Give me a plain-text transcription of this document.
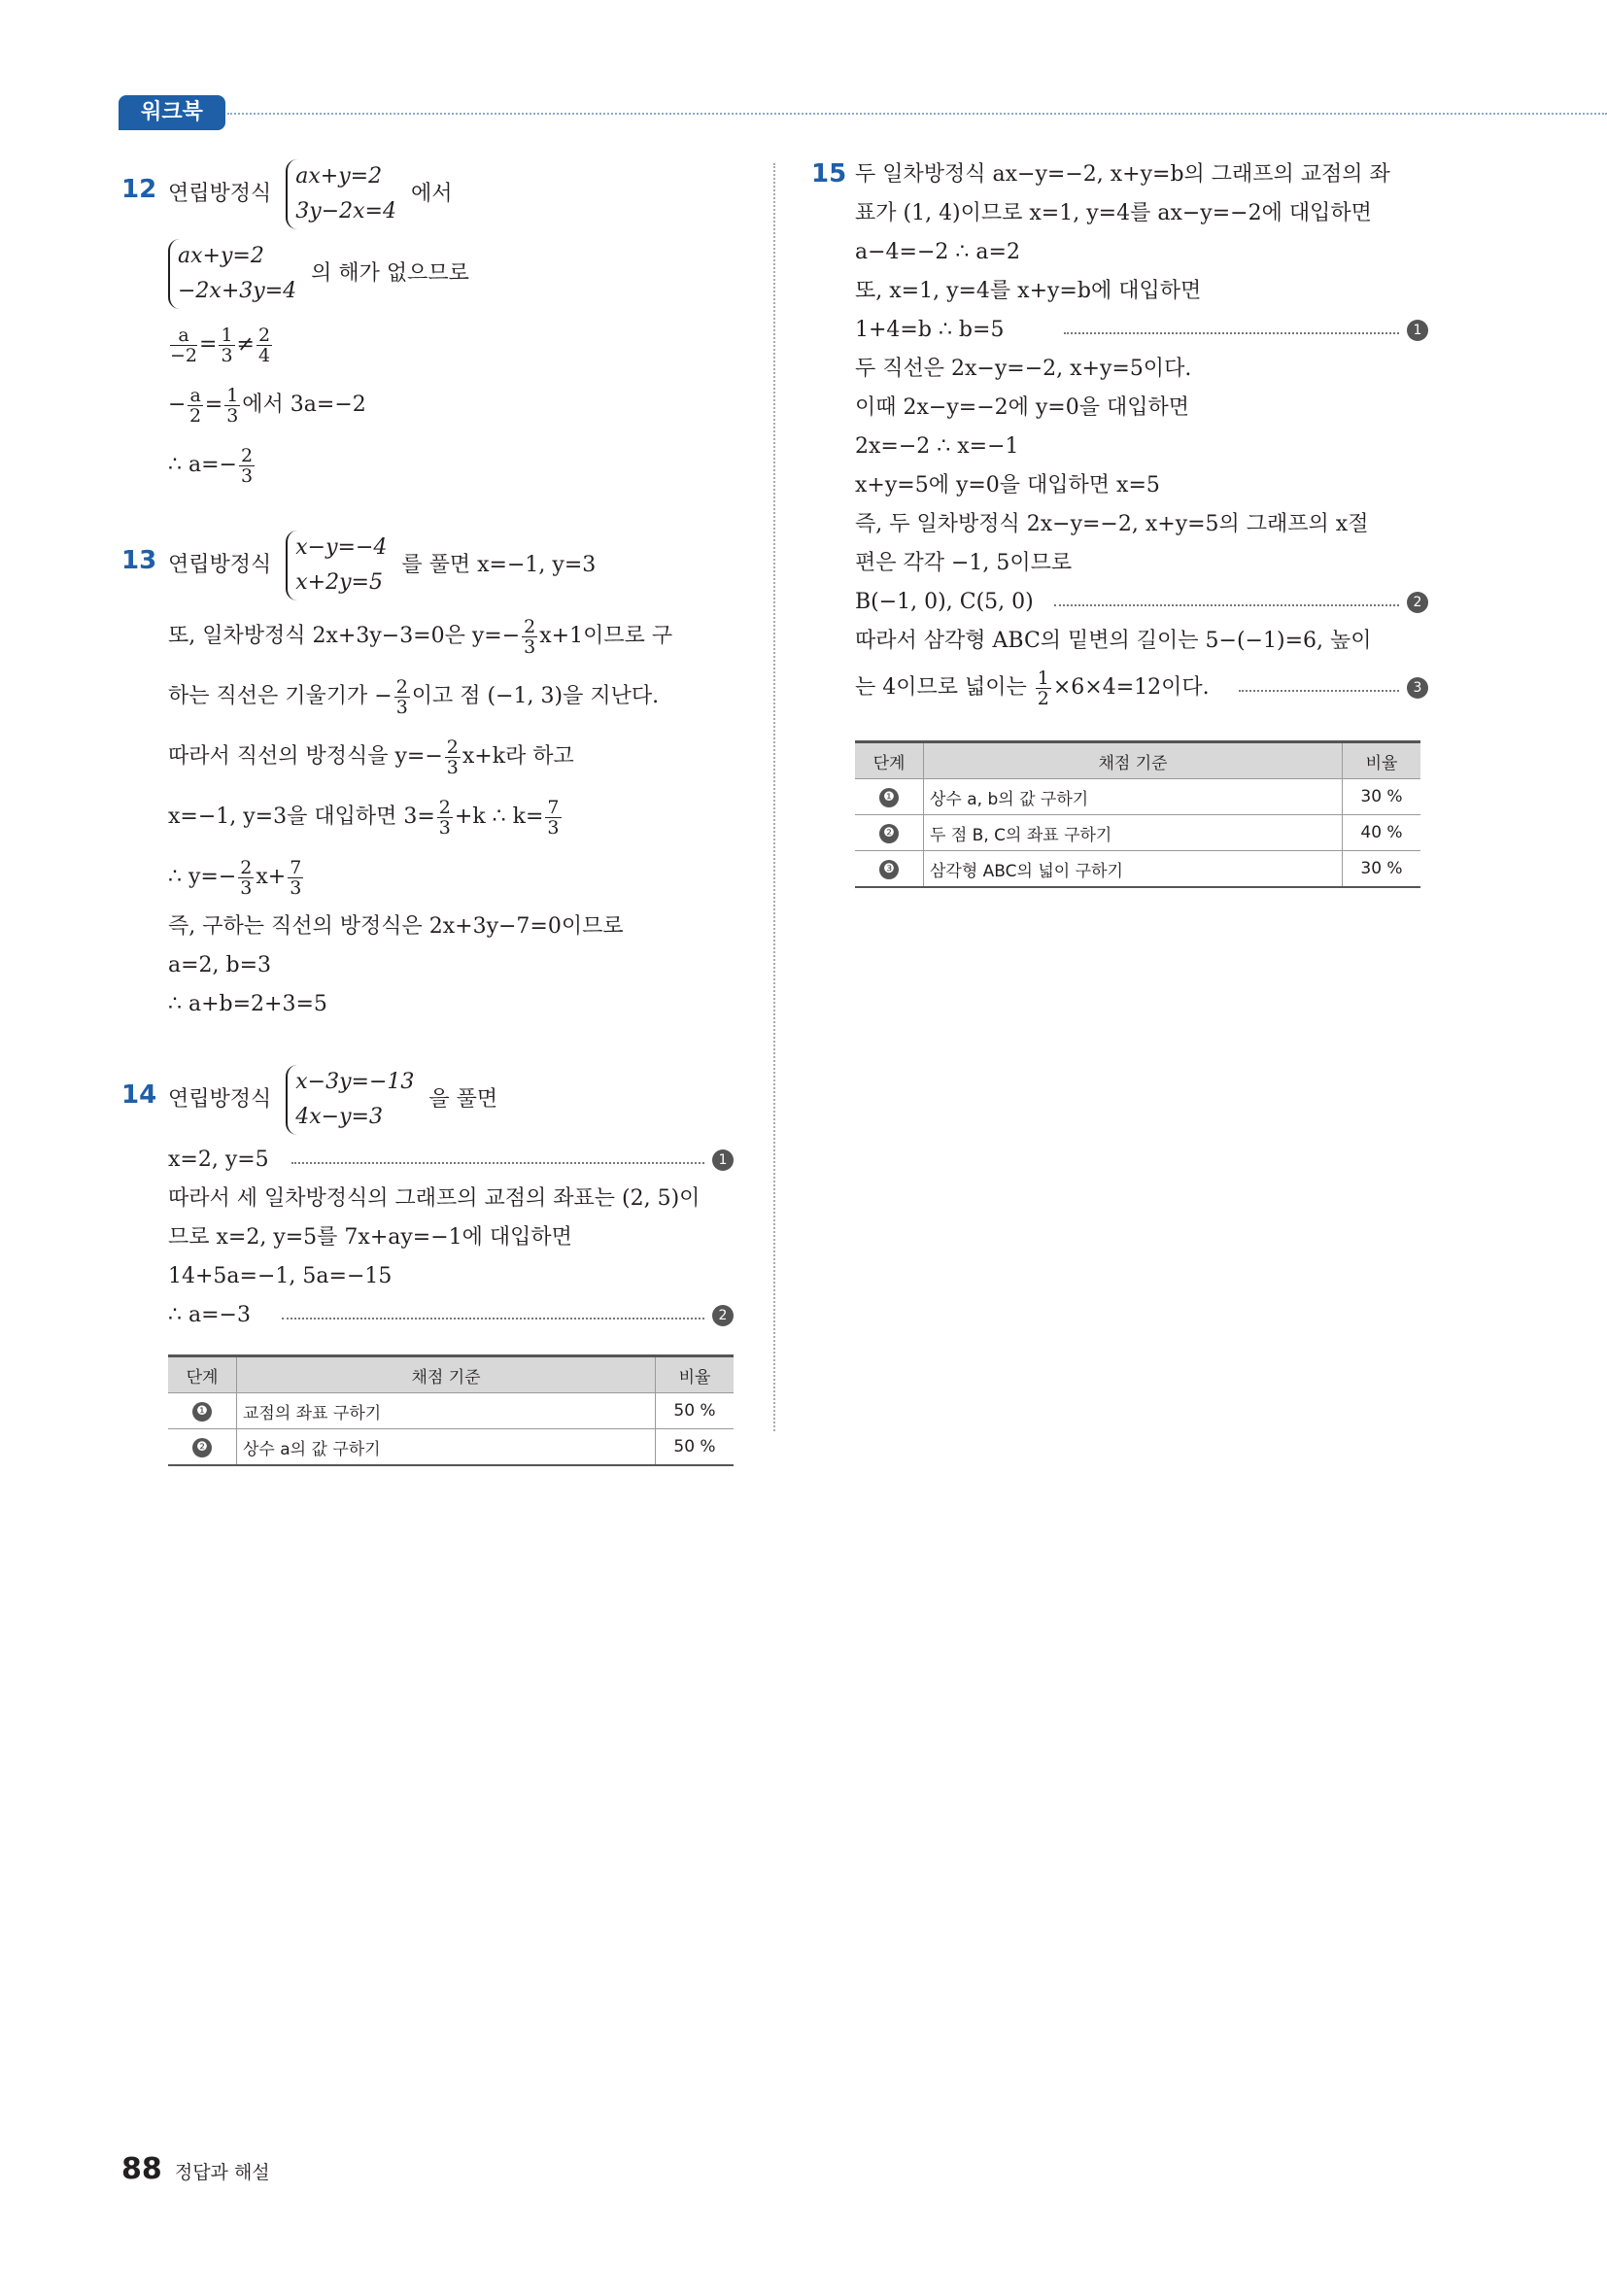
워크북
12 연립방정식
ax+y=2
3y−2x=4
에서
ax+y=2
−2x+3y=4
의 해가 없으므로
$\frac{a}{-2} = \frac{1}{3} \ne \frac{2}{4}$
− $\frac{a}{2} = \frac{1}{3}$ 에서 3a=−2
∴ $a=- \frac{2}{3}$
13 연립방정식
x−y=−4
x+2y=5
를 풀면 x=−1, y=3
또, 일차방정식 2x+3y−3=0은 $y=- \frac{2}{3} x+1$이므로 구
하는 직선은 기울기가 − $\frac{2}{3}$ 이고 점 (−1, 3)을 지난다.
따라서 직선의 방정식을 $y=- \frac{2}{3} x+k$라 하고
x=−1, y=3을 대입하면 $3= \frac{2}{3} +k$ ∴ $k= \frac{7}{3}$
∴ $y=- \frac{2}{3} x+ \frac{7}{3}$
즉, 구하는 직선의 방정식은 2x+3y−7=0이므로
a=2, b=3
∴ a+b=2+3=5
14 연립방정식
x−3y=−13
4x−y=3
을 풀면
x=2, y=5	1
따라서 세 일차방정식의 그래프의 교점의 좌표는 (2, 5)이
므로 x=2, y=5를 7x+ay=−1에 대입하면
14+5a=−1, 5a=−15
∴ a=−3	2
단계	채점 기준	비율
❶	교점의 좌표 구하기	50 %
❷	상수 a의 값 구하기	50 %
15 두 일차방정식 ax−y=−2, x+y=b의 그래프의 교점의 좌
표가 (1, 4)이므로 x=1, y=4를 ax−y=−2에 대입하면
a−4=−2 ∴ a=2
또, x=1, y=4를 x+y=b에 대입하면
1+4=b ∴ b=5	1
두 직선은 2x−y=−2, x+y=5이다.
이때 2x−y=−2에 y=0을 대입하면
2x=−2 ∴ x=−1
x+y=5에 y=0을 대입하면 x=5
즉, 두 일차방정식 2x−y=−2, x+y=5의 그래프의 x절
편은 각각 −1, 5이므로
B(−1, 0), C(5, 0)	2
따라서 삼각형 ABC의 밑변의 길이는 5−(−1)=6, 높이
는 4이므로 넓이는 $\frac{1}{2} \times 6\times 4=12$이다.	3
단계	채점 기준	비율
❶	상수 a, b의 값 구하기	30 %
❷	두 점 B, C의 좌표 구하기	40 %
❸	삼각형 ABC의 넓이 구하기	30 %
88 정답과 해설
